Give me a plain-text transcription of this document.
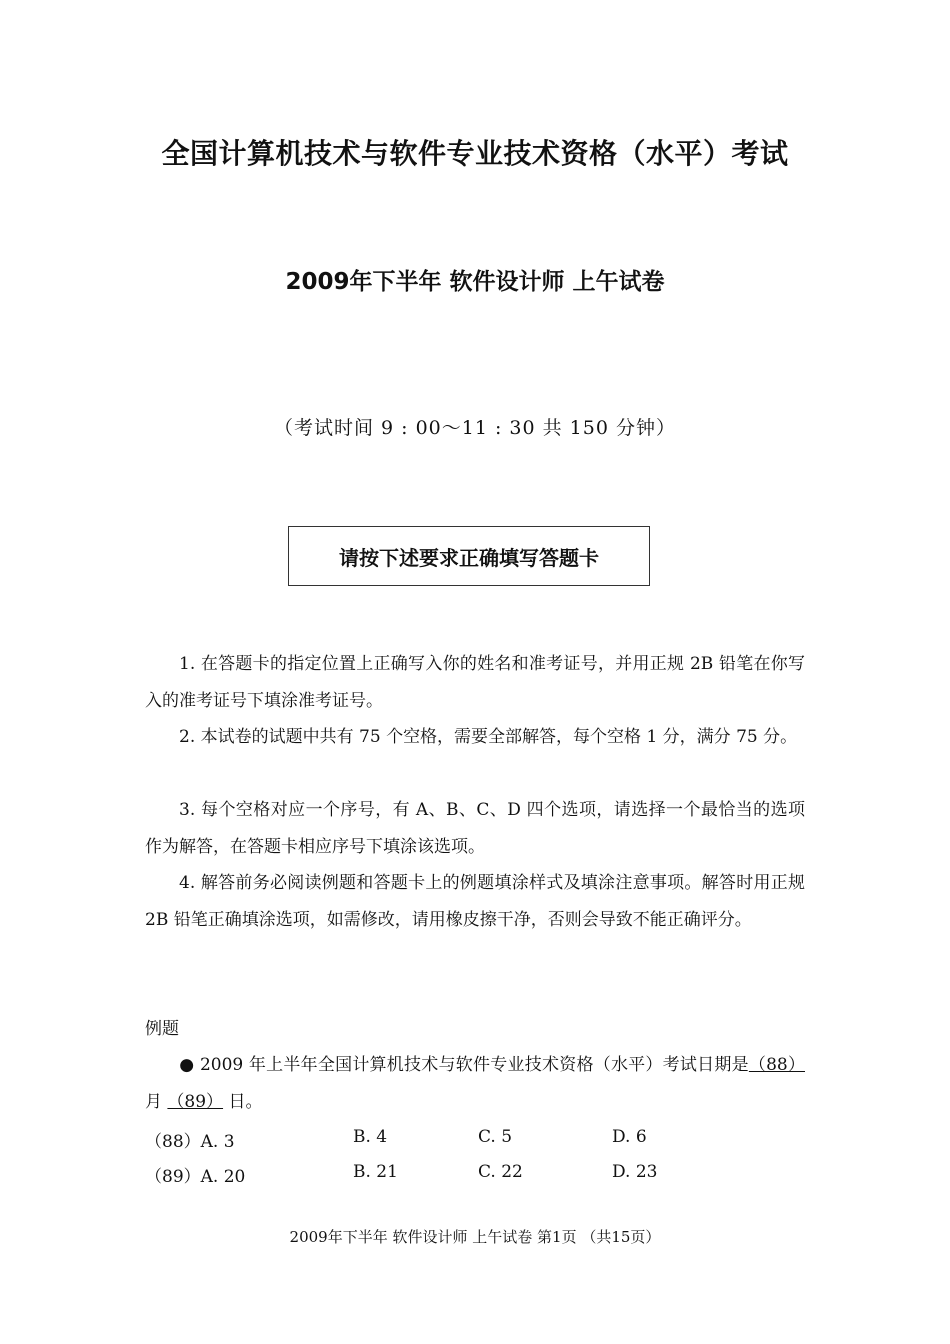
全国计算机技术与软件专业技术资格（水平）考试
2009年下半年 软件设计师 上午试卷
（考试时间 9 : 00～11 : 30 共 150 分钟）
请按下述要求正确填写答题卡

1. 在答题卡的指定位置上正确写入你的姓名和准考证号，并用正规 2B 铅笔在你写入的准考证号下填涂准考证号。

2. 本试卷的试题中共有 75 个空格，需要全部解答，每个空格 1 分，满分 75 分。

3. 每个空格对应一个序号，有 A、B、C、D 四个选项，请选择一个最恰当的选项作为解答，在答题卡相应序号下填涂该选项。

4. 解答前务必阅读例题和答题卡上的例题填涂样式及填涂注意事项。解答时用正规 2B 铅笔正确填涂选项，如需修改，请用橡皮擦干净，否则会导致不能正确评分。

例题
● 2009 年上半年全国计算机技术与软件专业技术资格（水平）考试日期是（88） 月 （89） 日。
（88）A. 3	B. 4	C. 5	D. 6
（89）A. 20	B. 21	C. 22	D. 23
2009年下半年 软件设计师 上午试卷 第1页 （共15页）
